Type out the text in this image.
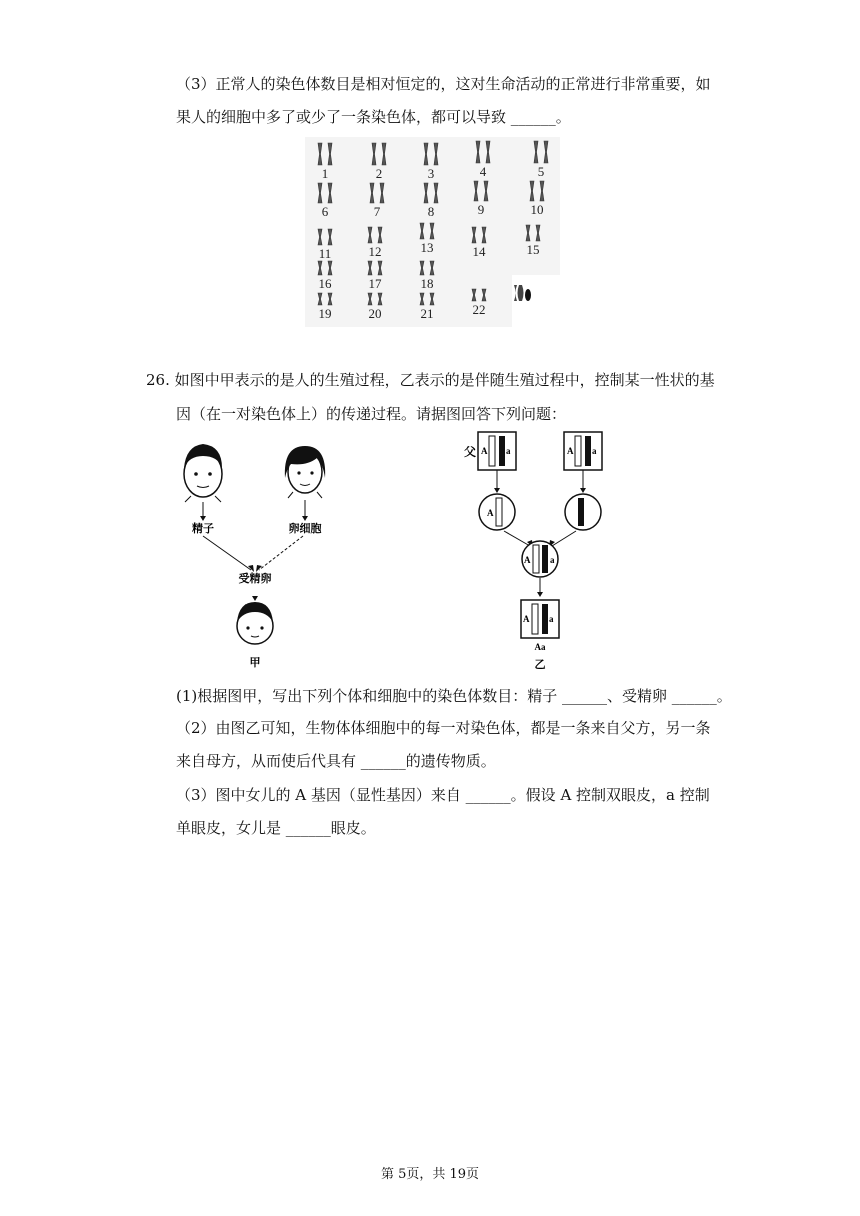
（3）正常人的染色体数目是相对恒定的，这对生命活动的正常进行非常重要，如
果人的细胞中多了或少了一条染色体，都可以导致 ______。
1	2	3	4	5
6	7	8	9	10
11	12	13	14	15
16	17	18
19	20	21	22
26. 如图中甲表示的是人的生殖过程，乙表示的是伴随生殖过程中，控制某一性状的基
因（在一对染色体上）的传递过程。请据图回答下列问题：
精子	卵细胞
受精卵
甲
父 A a	A a
A
A a
A a
Aa
乙
(1)根据图甲，写出下列个体和细胞中的染色体数目：精子 ______、受精卵 ______。
（2）由图乙可知，生物体体细胞中的每一对染色体，都是一条来自父方，另一条
来自母方，从而使后代具有 ______的遗传物质。
（3）图中女儿的 A 基因（显性基因）来自 ______。假设 A 控制双眼皮，a 控制
单眼皮，女儿是 ______眼皮。
第 5页，共 19页
